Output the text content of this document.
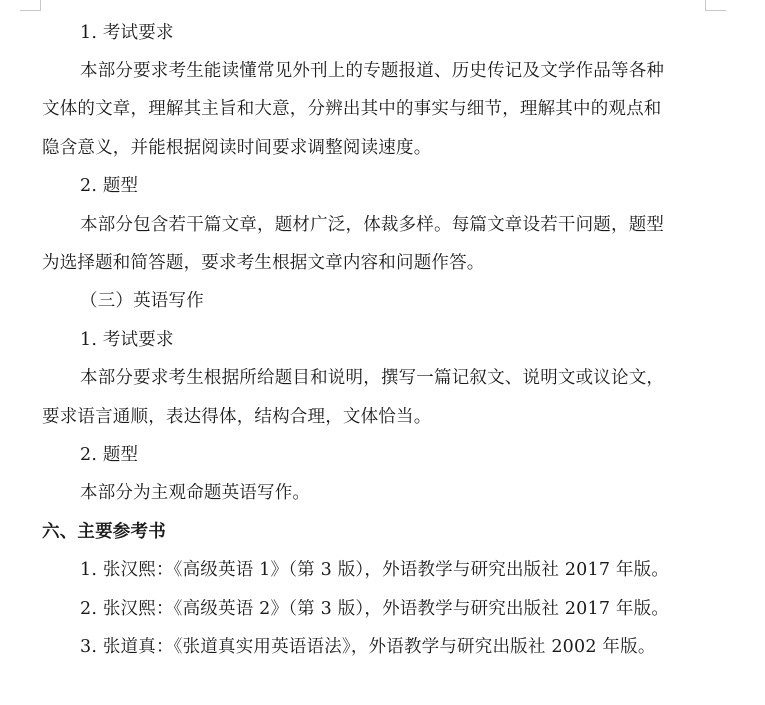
1. 考试要求
本部分要求考生能读懂常见外刊上的专题报道、历史传记及文学作品等各种
文体的文章，理解其主旨和大意，分辨出其中的事实与细节，理解其中的观点和
隐含意义，并能根据阅读时间要求调整阅读速度。
2. 题型
本部分包含若干篇文章，题材广泛，体裁多样。每篇文章设若干问题，题型
为选择题和简答题，要求考生根据文章内容和问题作答。
（三）英语写作
1. 考试要求
本部分要求考生根据所给题目和说明，撰写一篇记叙文、说明文或议论文，
要求语言通顺，表达得体，结构合理，文体恰当。
2. 题型
本部分为主观命题英语写作。
六、主要参考书
1. 张汉熙：《高级英语 1》（第 3 版），外语教学与研究出版社 2017 年版。
2. 张汉熙：《高级英语 2》（第 3 版），外语教学与研究出版社 2017 年版。
3. 张道真：《张道真实用英语语法》，外语教学与研究出版社 2002 年版。
